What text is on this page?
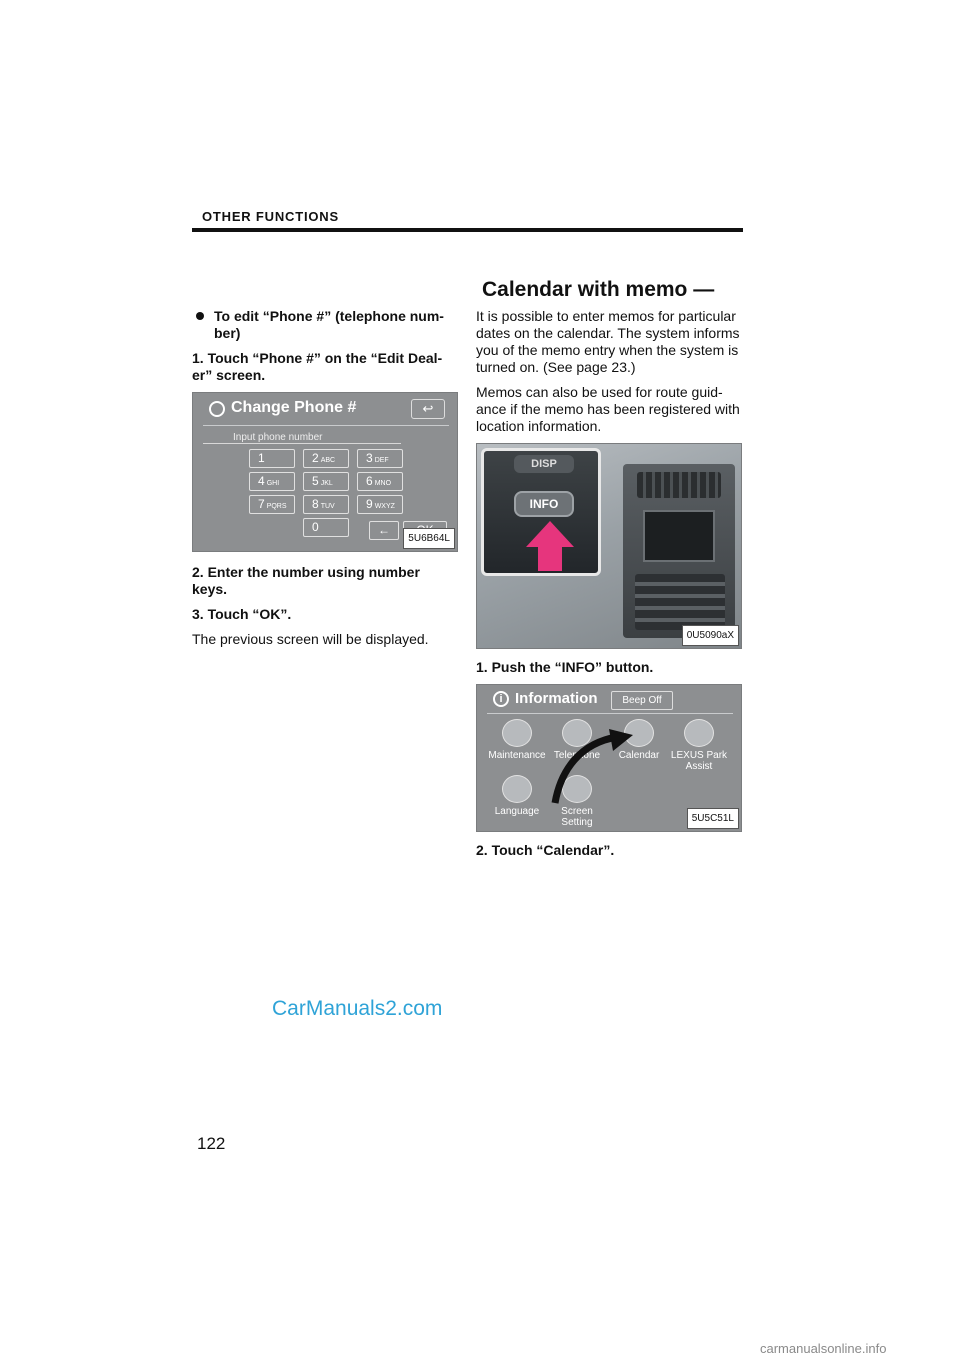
OTHER FUNCTIONS
Calendar with memo —
To edit “Phone #” (telephone num- ber)
1. Touch “Phone #” on the “Edit Deal- er” screen.
Change Phone #	↩
Input phone number
1	2 ABC	3 DEF
4 GHI	5 JKL	6 MNO
7 PQRS	8 TUV	9 WXYZ
0	←
5U6B64L
2. Enter the number using number keys.
3. Touch “OK”.
The previous screen will be displayed.
It is possible to enter memos for particular dates on the calendar. The system informs you of the memo entry when the system is turned on. (See page 23.)
Memos can also be used for route guid- ance if the memo has been registered with location information.
DISP
INFO
0U5090aX
1. Push the “INFO” button.
i Information	Beep Off
Maintenance Telephone	Calendar	LEXUS Park Assist
Language	Screen Setting	5U5C51L
2. Touch “Calendar”.
CarManuals2.com
122
carmanualsonline.info
